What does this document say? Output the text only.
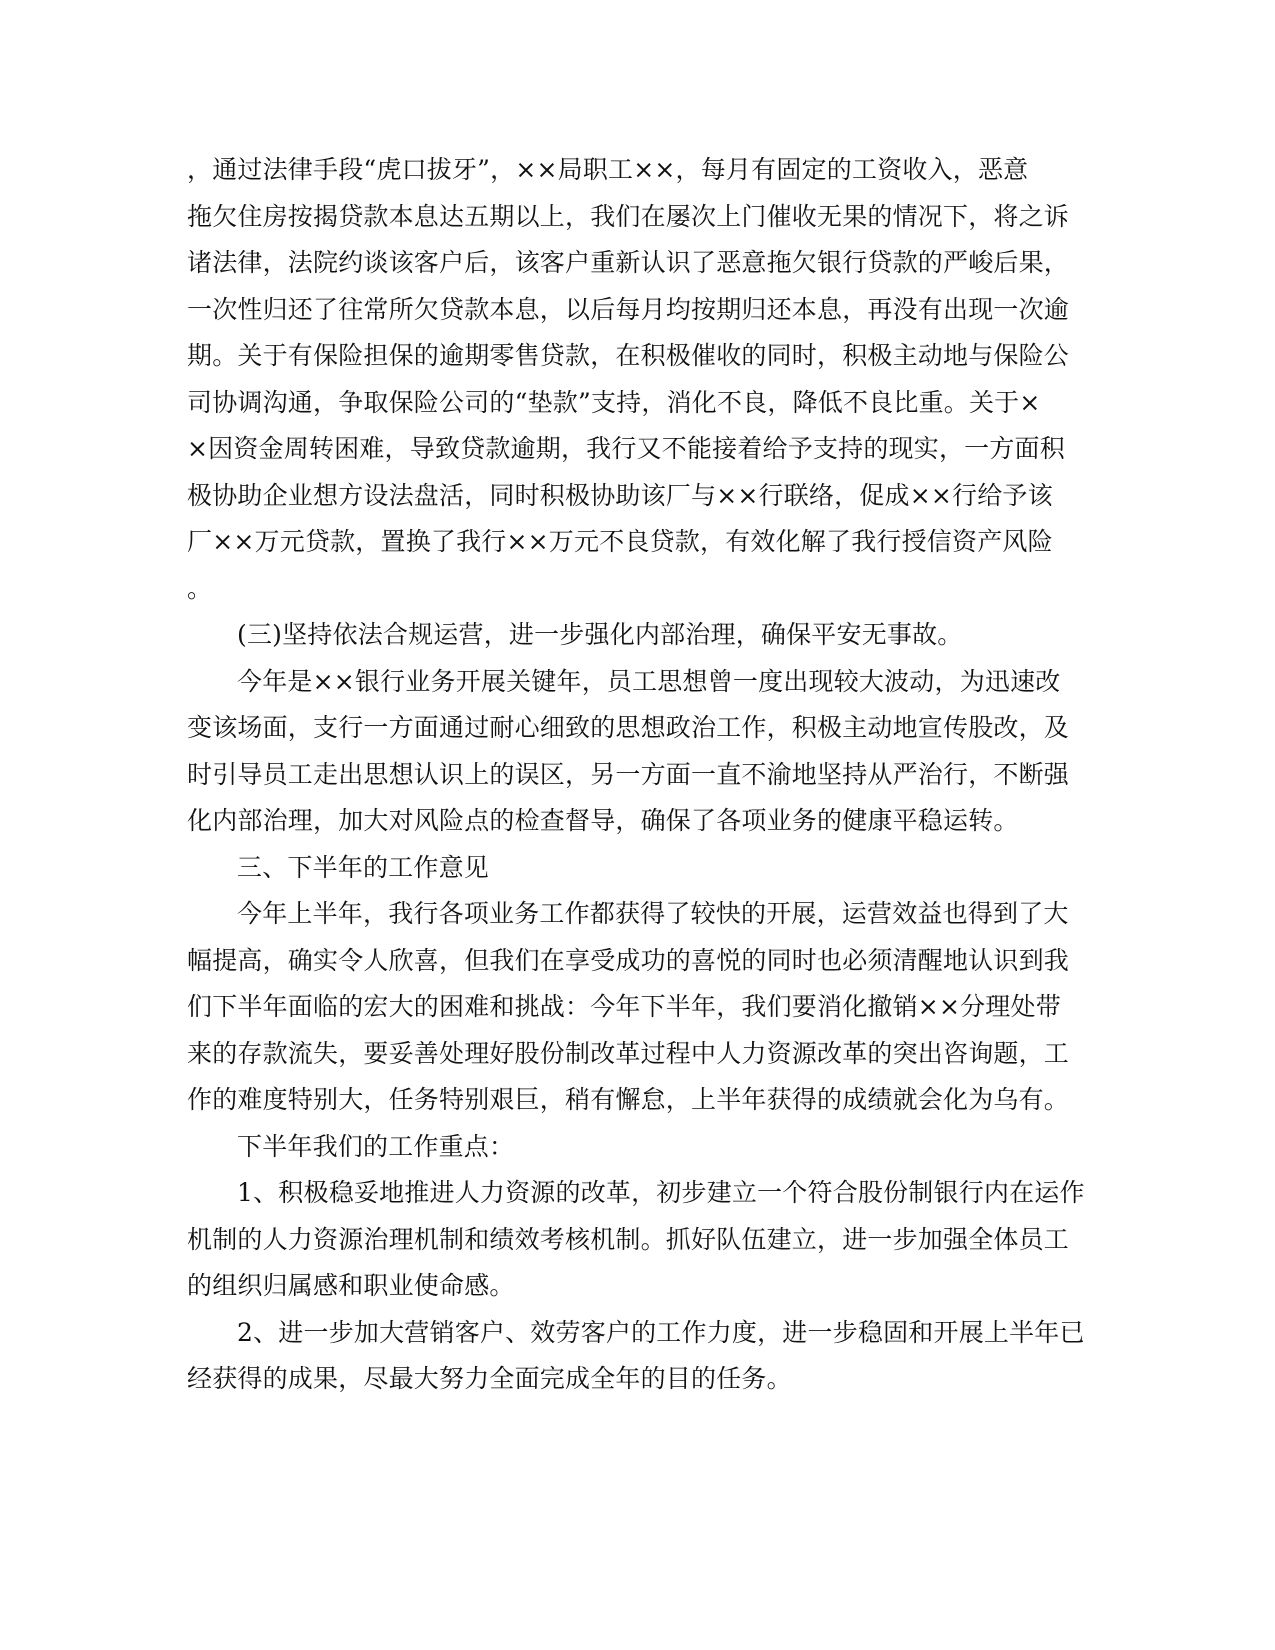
，通过法律手段“虎口拔牙”，××局职工××，每月有固定的工资收入，恶意
拖欠住房按揭贷款本息达五期以上，我们在屡次上门催收无果的情况下，将之诉
诸法律，法院约谈该客户后，该客户重新认识了恶意拖欠银行贷款的严峻后果，
一次性归还了往常所欠贷款本息，以后每月均按期归还本息，再没有出现一次逾
期。关于有保险担保的逾期零售贷款，在积极催收的同时，积极主动地与保险公
司协调沟通，争取保险公司的“垫款”支持，消化不良，降低不良比重。关于×
×因资金周转困难，导致贷款逾期，我行又不能接着给予支持的现实，一方面积
极协助企业想方设法盘活，同时积极协助该厂与××行联络，促成××行给予该
厂××万元贷款，置换了我行××万元不良贷款，有效化解了我行授信资产风险
。
(三)坚持依法合规运营，进一步强化内部治理，确保平安无事故。
今年是××银行业务开展关键年，员工思想曾一度出现较大波动，为迅速改
变该场面，支行一方面通过耐心细致的思想政治工作，积极主动地宣传股改，及
时引导员工走出思想认识上的误区，另一方面一直不渝地坚持从严治行，不断强
化内部治理，加大对风险点的检查督导，确保了各项业务的健康平稳运转。
三、下半年的工作意见
今年上半年，我行各项业务工作都获得了较快的开展，运营效益也得到了大
幅提高，确实令人欣喜，但我们在享受成功的喜悦的同时也必须清醒地认识到我
们下半年面临的宏大的困难和挑战：今年下半年，我们要消化撤销××分理处带
来的存款流失，要妥善处理好股份制改革过程中人力资源改革的突出咨询题，工
作的难度特别大，任务特别艰巨，稍有懈怠，上半年获得的成绩就会化为乌有。
下半年我们的工作重点：
1、积极稳妥地推进人力资源的改革，初步建立一个符合股份制银行内在运作
机制的人力资源治理机制和绩效考核机制。抓好队伍建立，进一步加强全体员工
的组织归属感和职业使命感。
2、进一步加大营销客户、效劳客户的工作力度，进一步稳固和开展上半年已
经获得的成果，尽最大努力全面完成全年的目的任务。
